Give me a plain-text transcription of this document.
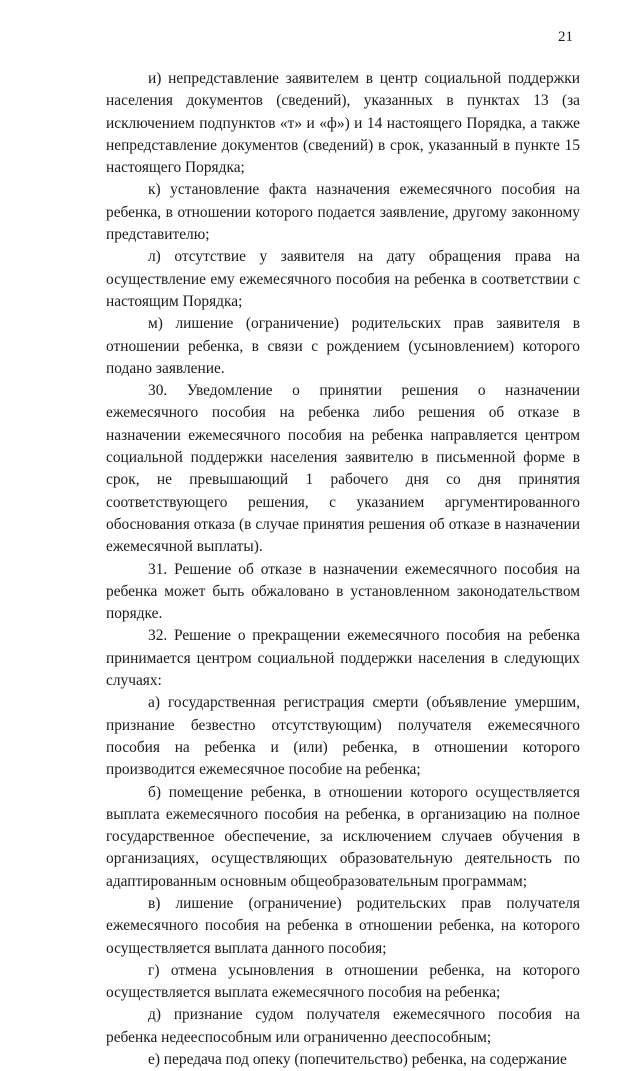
21

и) непредставление заявителем в центр социальной поддержки населения документов (сведений), указанных в пунктах 13 (за исключением подпунктов «т» и «ф») и 14 настоящего Порядка, а также непредставление документов (сведений) в срок, указанный в пункте 15 настоящего Порядка;

к) установление факта назначения ежемесячного пособия на ребенка, в отношении которого подается заявление, другому законному представителю;

л) отсутствие у заявителя на дату обращения права на осуществление ему ежемесячного пособия на ребенка в соответствии с настоящим Порядка;

м) лишение (ограничение) родительских прав заявителя в отношении ребенка, в связи с рождением (усыновлением) которого подано заявление.

30. Уведомление о принятии решения о назначении ежемесячного пособия на ребенка либо решения об отказе в назначении ежемесячного пособия на ребенка направляется центром социальной поддержки населения заявителю в письменной форме в срок, не превышающий 1 рабочего дня со дня принятия соответствующего решения, с указанием аргументированного обоснования отказа (в случае принятия решения об отказе в назначении ежемесячной выплаты).

31. Решение об отказе в назначении ежемесячного пособия на ребенка может быть обжаловано в установленном законодательством порядке.

32. Решение о прекращении ежемесячного пособия на ребенка принимается центром социальной поддержки населения в следующих случаях:

а) государственная регистрация смерти (объявление умершим, признание безвестно отсутствующим) получателя ежемесячного пособия на ребенка и (или) ребенка, в отношении которого производится ежемесячное пособие на ребенка;

б) помещение ребенка, в отношении которого осуществляется выплата ежемесячного пособия на ребенка, в организацию на полное государственное обеспечение, за исключением случаев обучения в организациях, осуществляющих образовательную деятельность по адаптированным основным общеобразовательным программам;

в) лишение (ограничение) родительских прав получателя ежемесячного пособия на ребенка в отношении ребенка, на которого осуществляется выплата данного пособия;

г) отмена усыновления в отношении ребенка, на которого осуществляется выплата ежемесячного пособия на ребенка;

д) признание судом получателя ежемесячного пособия на ребенка недееспособным или ограниченно дееспособным;

е) передача под опеку (попечительство) ребенка, на содержание
